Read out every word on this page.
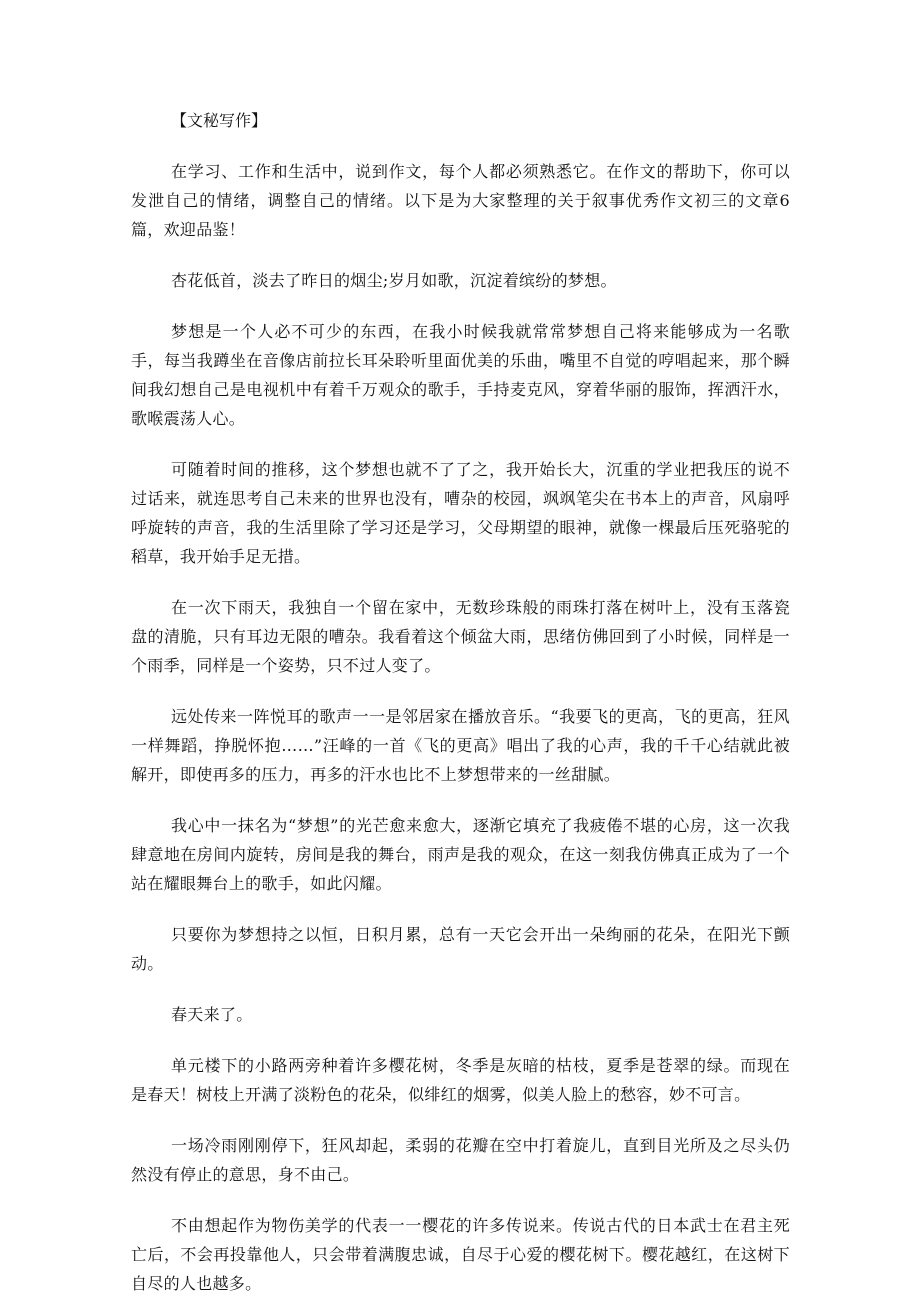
【文秘写作】

在学习、工作和生活中，说到作文，每个人都必须熟悉它。在作文的帮助下，你可以发泄自己的情绪，调整自己的情绪。以下是为大家整理的关于叙事优秀作文初三的文章6篇，欢迎品鉴！

杏花低首，淡去了昨日的烟尘;岁月如歌，沉淀着缤纷的梦想。

梦想是一个人必不可少的东西，在我小时候我就常常梦想自己将来能够成为一名歌手，每当我蹲坐在音像店前拉长耳朵聆听里面优美的乐曲，嘴里不自觉的哼唱起来，那个瞬间我幻想自己是电视机中有着千万观众的歌手，手持麦克风，穿着华丽的服饰，挥洒汗水，歌喉震荡人心。

可随着时间的推移，这个梦想也就不了了之，我开始长大，沉重的学业把我压的说不过话来，就连思考自己未来的世界也没有，嘈杂的校园，飒飒笔尖在书本上的声音，风扇呼呼旋转的声音，我的生活里除了学习还是学习，父母期望的眼神，就像一棵最后压死骆驼的稻草，我开始手足无措。

在一次下雨天，我独自一个留在家中，无数珍珠般的雨珠打落在树叶上，没有玉落瓷盘的清脆，只有耳边无限的嘈杂。我看着这个倾盆大雨，思绪仿佛回到了小时候，同样是一个雨季，同样是一个姿势，只不过人变了。

远处传来一阵悦耳的歌声一一是邻居家在播放音乐。“我要飞的更高，飞的更高，狂风一样舞蹈，挣脱怀抱……”汪峰的一首《飞的更高》唱出了我的心声，我的千千心结就此被解开，即使再多的压力，再多的汗水也比不上梦想带来的一丝甜腻。

我心中一抹名为“梦想”的光芒愈来愈大，逐渐它填充了我疲倦不堪的心房，这一次我肆意地在房间内旋转，房间是我的舞台，雨声是我的观众，在这一刻我仿佛真正成为了一个站在耀眼舞台上的歌手，如此闪耀。

只要你为梦想持之以恒，日积月累，总有一天它会开出一朵绚丽的花朵，在阳光下颤动。

春天来了。

单元楼下的小路两旁种着许多樱花树，冬季是灰暗的枯枝，夏季是苍翠的绿。而现在是春天！树枝上开满了淡粉色的花朵，似绯红的烟雾，似美人脸上的愁容，妙不可言。

一场冷雨刚刚停下，狂风却起，柔弱的花瓣在空中打着旋儿，直到目光所及之尽头仍然没有停止的意思，身不由己。

不由想起作为物伤美学的代表一一樱花的许多传说来。传说古代的日本武士在君主死亡后，不会再投靠他人，只会带着满腹忠诚，自尽于心爱的樱花树下。樱花越红，在这树下自尽的人也越多。
